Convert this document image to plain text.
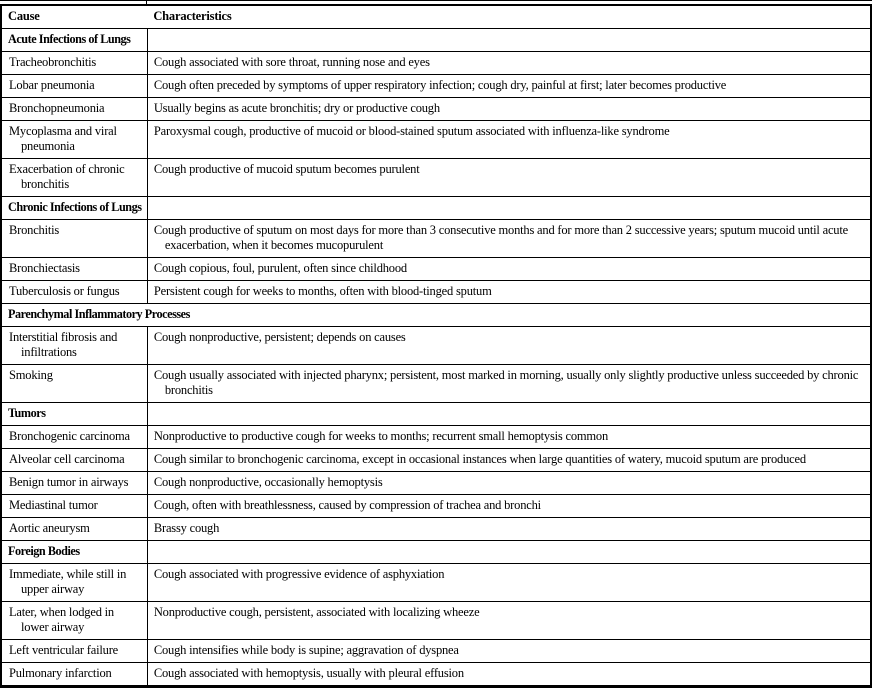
Cause	Characteristics
Acute Infections of Lungs	
Tracheobronchitis	Cough associated with sore throat, running nose and eyes
Lobar pneumonia	Cough often preceded by symptoms of upper respiratory infection; cough dry, painful at first; later becomes productive
Bronchopneumonia	Usually begins as acute bronchitis; dry or productive cough
Mycoplasma and viral pneumonia	Paroxysmal cough, productive of mucoid or blood-stained sputum associated with influenza-like syndrome
Exacerbation of chronic bronchitis	Cough productive of mucoid sputum becomes purulent
Chronic Infections of Lungs	
Bronchitis	Cough productive of sputum on most days for more than 3 consecutive months and for more than 2 successive years; sputum mucoid until acute exacerbation, when it becomes mucopurulent
Bronchiectasis	Cough copious, foul, purulent, often since childhood
Tuberculosis or fungus	Persistent cough for weeks to months, often with blood-tinged sputum
Parenchymal Inflammatory Processes	
Interstitial fibrosis and infiltrations	Cough nonproductive, persistent; depends on causes
Smoking	Cough usually associated with injected pharynx; persistent, most marked in morning, usually only slightly productive unless succeeded by chronic bronchitis
Tumors	
Bronchogenic carcinoma	Nonproductive to productive cough for weeks to months; recurrent small hemoptysis common
Alveolar cell carcinoma	Cough similar to bronchogenic carcinoma, except in occasional instances when large quantities of watery, mucoid sputum are produced
Benign tumor in airways	Cough nonproductive, occasionally hemoptysis
Mediastinal tumor	Cough, often with breathlessness, caused by compression of trachea and bronchi
Aortic aneurysm	Brassy cough
Foreign Bodies	
Immediate, while still in upper airway	Cough associated with progressive evidence of asphyxiation
Later, when lodged in lower airway	Nonproductive cough, persistent, associated with localizing wheeze
Left ventricular failure	Cough intensifies while body is supine; aggravation of dyspnea
Pulmonary infarction	Cough associated with hemoptysis, usually with pleural effusion
